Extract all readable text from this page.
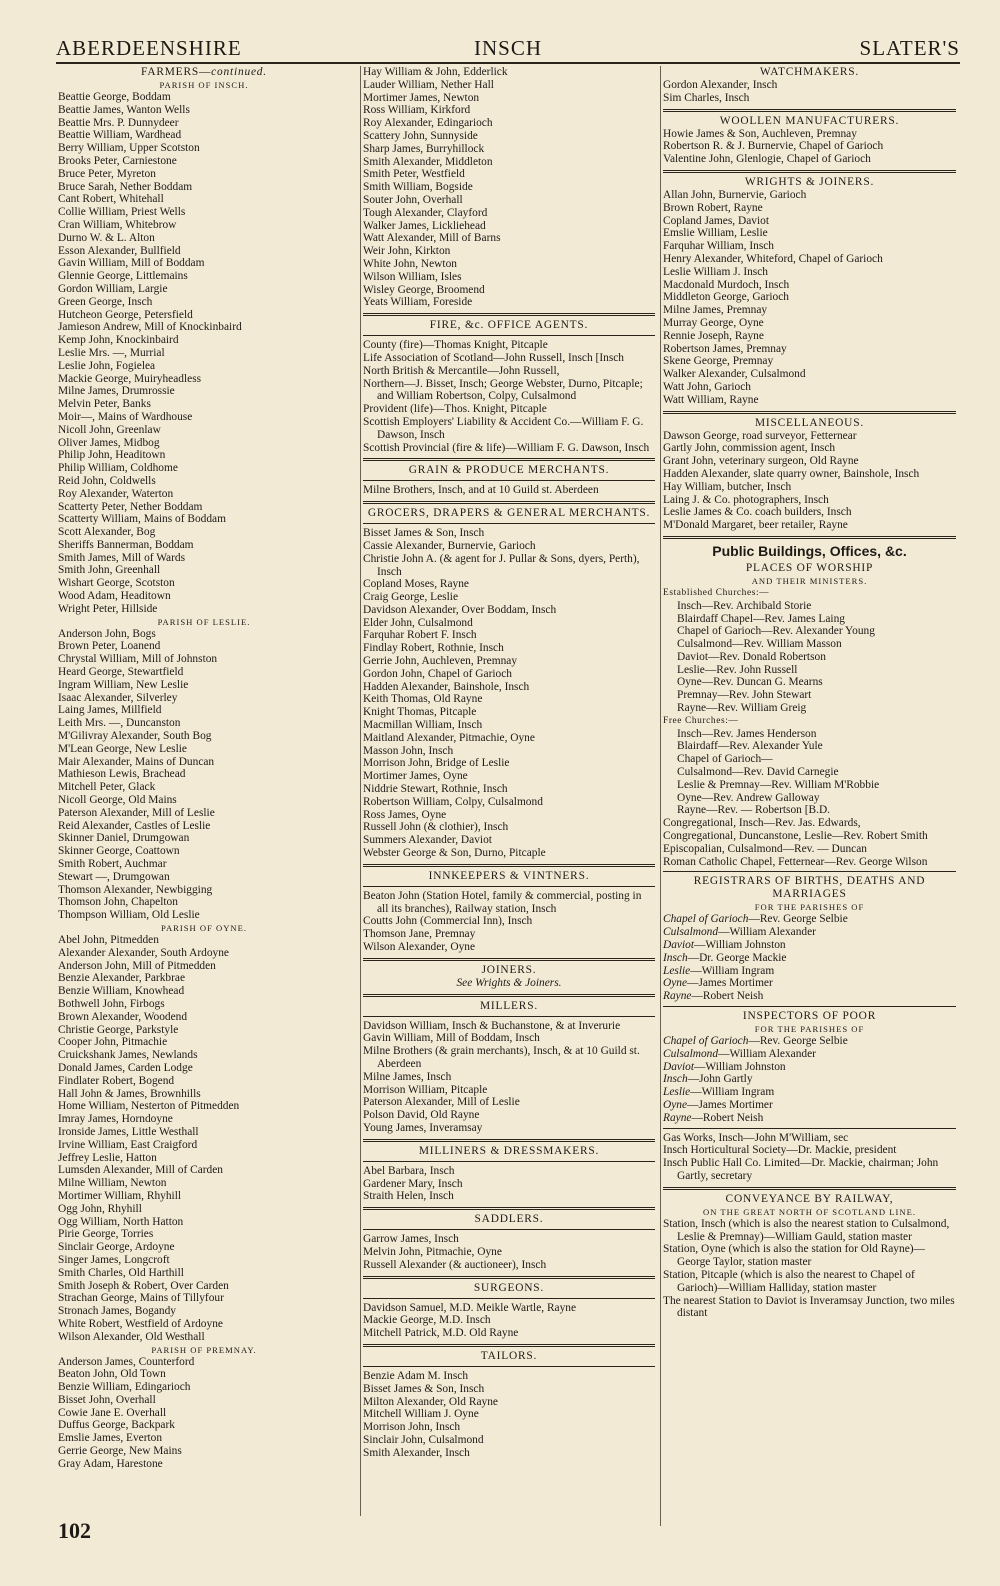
ABERDEENSHIRE	INSCH	SLATER'S
FARMERS—continued.
PARISH OF INSCH.
Beattie George, Boddam
Beattie James, Wanton Wells
Beattie Mrs. P. Dunnydeer
Beattie William, Wardhead
Berry William, Upper Scotston
Brooks Peter, Carniestone
Bruce Peter, Myreton
Bruce Sarah, Nether Boddam
Cant Robert, Whitehall
Collie William, Priest Wells
Cran William, Whitebrow
Durno W. & L. Alton
Esson Alexander, Bullfield
Gavin William, Mill of Boddam
Glennie George, Littlemains
Gordon William, Largie
Green George, Insch
Hutcheon George, Petersfield
Jamieson Andrew, Mill of Knockinbaird
Kemp John, Knockinbaird
Leslie Mrs. —, Murrial
Leslie John, Fogielea
Mackie George, Muiryheadless
Milne James, Drumrossie
Melvin Peter, Banks
Moir—, Mains of Wardhouse
Nicoll John, Greenlaw
Oliver James, Midbog
Philip John, Headitown
Philip William, Coldhome
Reid John, Coldwells
Roy Alexander, Waterton
Scatterty Peter, Nether Boddam
Scatterty William, Mains of Boddam
Scott Alexander, Bog
Sheriffs Bannerman, Boddam
Smith James, Mill of Wards
Smith John, Greenhall
Wishart George, Scotston
Wood Adam, Headitown
Wright Peter, Hillside
PARISH OF LESLIE.
Anderson John, Bogs
Brown Peter, Loanend
Chrystal William, Mill of Johnston
Heard George, Stewartfield
Ingram William, New Leslie
Isaac Alexander, Silverley
Laing James, Millfield
Leith Mrs. —, Duncanston
M'Gilivray Alexander, South Bog
M'Lean George, New Leslie
Mair Alexander, Mains of Duncan
Mathieson Lewis, Brachead
Mitchell Peter, Glack
Nicoll George, Old Mains
Paterson Alexander, Mill of Leslie
Reid Alexander, Castles of Leslie
Skinner Daniel, Drumgowan
Skinner George, Coattown
Smith Robert, Auchmar
Stewart —, Drumgowan
Thomson Alexander, Newbigging
Thomson John, Chapelton
Thompson William, Old Leslie
PARISH OF OYNE.
Abel John, Pitmedden
Alexander Alexander, South Ardoyne
Anderson John, Mill of Pitmedden
Benzie Alexander, Parkbrae
Benzie William, Knowhead
Bothwell John, Firbogs
Brown Alexander, Woodend
Christie George, Parkstyle
Cooper John, Pitmachie
Cruickshank James, Newlands
Donald James, Carden Lodge
Findlater Robert, Bogend
Hall John & James, Brownhills
Home William, Nesterton of Pitmedden
Imray James, Horndoyne
Ironside James, Little Westhall
Irvine William, East Craigford
Jeffrey Leslie, Hatton
Lumsden Alexander, Mill of Carden
Milne William, Newton
Mortimer William, Rhyhill
Ogg John, Rhyhill
Ogg William, North Hatton
Pirie George, Torries
Sinclair George, Ardoyne
Singer James, Longcroft
Smith Charles, Old Harthill
Smith Joseph & Robert, Over Carden
Strachan George, Mains of Tillyfour
Stronach James, Bogandy
White Robert, Westfield of Ardoyne
Wilson Alexander, Old Westhall
PARISH OF PREMNAY.
Anderson James, Counterford
Beaton John, Old Town
Benzie William, Edingarioch
Bisset John, Overhall
Cowie Jane E. Overhall
Duffus George, Backpark
Emslie James, Everton
Gerrie George, New Mains
Gray Adam, Harestone
Hay William & John, Edderlick
Lauder William, Nether Hall
Mortimer James, Newton
Ross William, Kirkford
Roy Alexander, Edingarioch
Scattery John, Sunnyside
Sharp James, Burryhillock
Smith Alexander, Middleton
Smith Peter, Westfield
Smith William, Bogside
Souter John, Overhall
Tough Alexander, Clayford
Walker James, Lickliehead
Watt Alexander, Mill of Barns
Weir John, Kirkton
White John, Newton
Wilson William, Isles
Wisley George, Broomend
Yeats William, Foreside
FIRE, &c. OFFICE AGENTS.
County (fire)—Thomas Knight, Pitcaple
Life Association of Scotland—John Russell, Insch [Insch
North British & Mercantile—John Russell,
Northern—J. Bisset, Insch; George Webster, Durno, Pitcaple; and William Robertson, Colpy, Culsalmond
Provident (life)—Thos. Knight, Pitcaple
Scottish Employers' Liability & Accident Co.—William F. G. Dawson, Insch
Scottish Provincial (fire & life)—William F. G. Dawson, Insch
GRAIN & PRODUCE MERCHANTS.
Milne Brothers, Insch, and at 10 Guild st. Aberdeen
GROCERS, DRAPERS & GENERAL MERCHANTS.
Bisset James & Son, Insch
Cassie Alexander, Burnervie, Garioch
Christie John A. (& agent for J. Pullar & Sons, dyers, Perth), Insch
Copland Moses, Rayne
Craig George, Leslie
Davidson Alexander, Over Boddam, Insch
Elder John, Culsalmond
Farquhar Robert F. Insch
Findlay Robert, Rothnie, Insch
Gerrie John, Auchleven, Premnay
Gordon John, Chapel of Garioch
Hadden Alexander, Bainshole, Insch
Keith Thomas, Old Rayne
Knight Thomas, Pitcaple
Macmillan William, Insch
Maitland Alexander, Pitmachie, Oyne
Masson John, Insch
Morrison John, Bridge of Leslie
Mortimer James, Oyne
Niddrie Stewart, Rothnie, Insch
Robertson William, Colpy, Culsalmond
Ross James, Oyne
Russell John (& clothier), Insch
Summers Alexander, Daviot
Webster George & Son, Durno, Pitcaple
INNKEEPERS & VINTNERS.
Beaton John (Station Hotel, family & commercial, posting in all its branches), Railway station, Insch
Coutts John (Commercial Inn), Insch
Thomson Jane, Premnay
Wilson Alexander, Oyne
JOINERS.
See Wrights & Joiners.
MILLERS.
Davidson William, Insch & Buchanstone, & at Inverurie
Gavin William, Mill of Boddam, Insch
Milne Brothers (& grain merchants), Insch, & at 10 Guild st. Aberdeen
Milne James, Insch
Morrison William, Pitcaple
Paterson Alexander, Mill of Leslie
Polson David, Old Rayne
Young James, Inveramsay
MILLINERS & DRESSMAKERS.
Abel Barbara, Insch
Gardener Mary, Insch
Straith Helen, Insch
SADDLERS.
Garrow James, Insch
Melvin John, Pitmachie, Oyne
Russell Alexander (& auctioneer), Insch
SURGEONS.
Davidson Samuel, M.D. Meikle Wartle, Rayne
Mackie George, M.D. Insch
Mitchell Patrick, M.D. Old Rayne
TAILORS.
Benzie Adam M. Insch
Bisset James & Son, Insch
Milton Alexander, Old Rayne
Mitchell William J. Oyne
Morrison John, Insch
Sinclair John, Culsalmond
Smith Alexander, Insch
WATCHMAKERS.
Gordon Alexander, Insch
Sim Charles, Insch
WOOLLEN MANUFACTURERS.
Howie James & Son, Auchleven, Premnay
Robertson R. & J. Burnervie, Chapel of Garioch
Valentine John, Glenlogie, Chapel of Garioch
WRIGHTS & JOINERS.
Allan John, Burnervie, Garioch
Brown Robert, Rayne
Copland James, Daviot
Emslie William, Leslie
Farquhar William, Insch
Henry Alexander, Whiteford, Chapel of Garioch
Leslie William J. Insch
Macdonald Murdoch, Insch
Middleton George, Garioch
Milne James, Premnay
Murray George, Oyne
Rennie Joseph, Rayne
Robertson James, Premnay
Skene George, Premnay
Walker Alexander, Culsalmond
Watt John, Garioch
Watt William, Rayne
MISCELLANEOUS.
Dawson George, road surveyor, Fetternear
Gartly John, commission agent, Insch
Grant John, veterinary surgeon, Old Rayne
Hadden Alexander, slate quarry owner, Bainshole, Insch
Hay William, butcher, Insch
Laing J. & Co. photographers, Insch
Leslie James & Co. coach builders, Insch
M'Donald Margaret, beer retailer, Rayne
Public Buildings, Offices, &c.
PLACES OF WORSHIP
AND THEIR MINISTERS.
Established Churches:—
Insch—Rev. Archibald Storie
Blairdaff Chapel—Rev. James Laing
Chapel of Garioch—Rev. Alexander Young
Culsalmond—Rev. William Masson
Daviot—Rev. Donald Robertson
Leslie—Rev. John Russell
Oyne—Rev. Duncan G. Mearns
Premnay—Rev. John Stewart
Rayne—Rev. William Greig
Free Churches:—
Insch—Rev. James Henderson
Blairdaff—Rev. Alexander Yule
Chapel of Garioch—
Culsalmond—Rev. David Carnegie
Leslie & Premnay—Rev. William M'Robbie
Oyne—Rev. Andrew Galloway
Rayne—Rev. — Robertson [B.D.
Congregational, Insch—Rev. Jas. Edwards,
Congregational, Duncanstone, Leslie—Rev. Robert Smith
Episcopalian, Culsalmond—Rev. — Duncan
Roman Catholic Chapel, Fetternear—Rev. George Wilson
REGISTRARS OF BIRTHS, DEATHS AND MARRIAGES
FOR THE PARISHES OF
Chapel of Garioch—Rev. George Selbie
Culsalmond—William Alexander
Daviot—William Johnston
Insch—Dr. George Mackie
Leslie—William Ingram
Oyne—James Mortimer
Rayne—Robert Neish
INSPECTORS OF POOR
FOR THE PARISHES OF
Chapel of Garioch—Rev. George Selbie
Culsalmond—William Alexander
Daviot—William Johnston
Insch—John Gartly
Leslie—William Ingram
Oyne—James Mortimer
Rayne—Robert Neish
Gas Works, Insch—John M'William, sec
Insch Horticultural Society—Dr. Mackie, president
Insch Public Hall Co. Limited—Dr. Mackie, chairman; John Gartly, secretary
CONVEYANCE BY RAILWAY,
ON THE GREAT NORTH OF SCOTLAND LINE.
Station, Insch (which is also the nearest station to Culsalmond, Leslie & Premnay)—William Gauld, station master
Station, Oyne (which is also the station for Old Rayne)—George Taylor, station master
Station, Pitcaple (which is also the nearest to Chapel of Garioch)—William Halliday, station master
The nearest Station to Daviot is Inveramsay Junction, two miles distant
102
